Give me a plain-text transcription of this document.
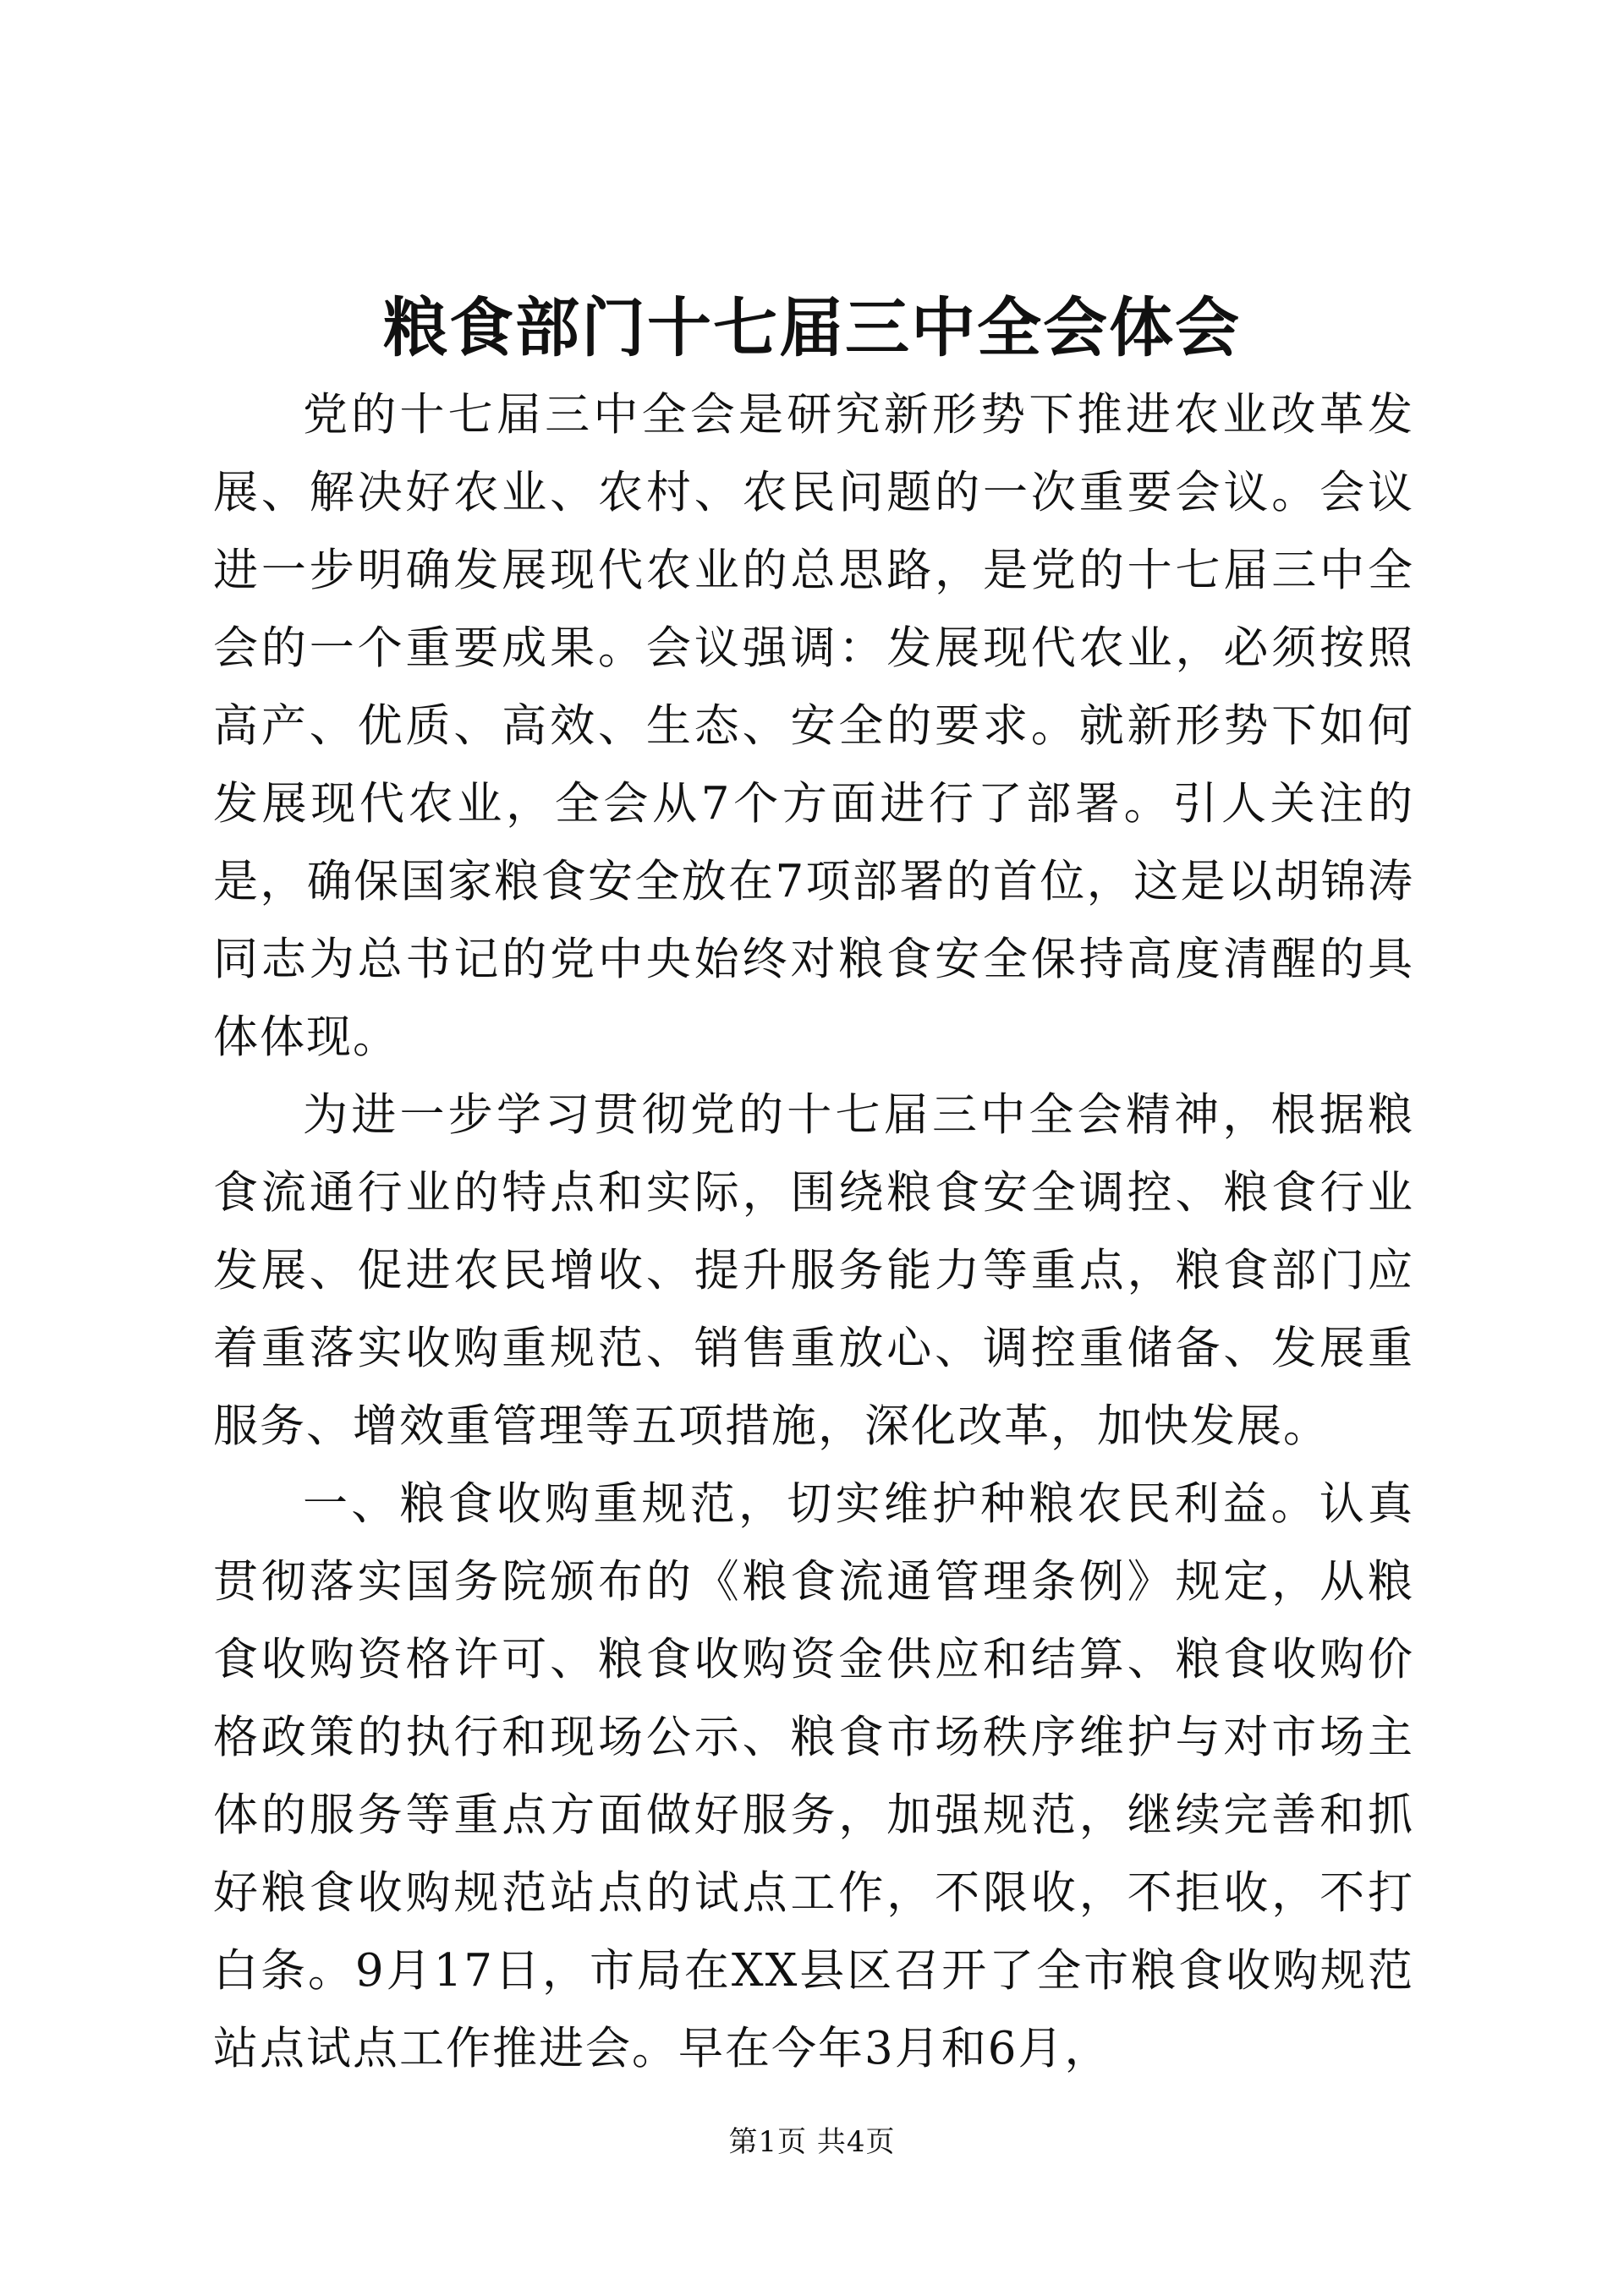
粮食部门十七届三中全会体会

党的十七届三中全会是研究新形势下推进农业改革发展、解决好农业、农村、农民问题的一次重要会议。会议进一步明确发展现代农业的总思路，是党的十七届三中全会的一个重要成果。会议强调：发展现代农业，必须按照高产、优质、高效、生态、安全的要求。就新形势下如何发展现代农业，全会从7个方面进行了部署。引人关注的是，确保国家粮食安全放在7项部署的首位，这是以胡锦涛同志为总书记的党中央始终对粮食安全保持高度清醒的具体体现。

为进一步学习贯彻党的十七届三中全会精神，根据粮食流通行业的特点和实际，围绕粮食安全调控、粮食行业发展、促进农民增收、提升服务能力等重点，粮食部门应着重落实收购重规范、销售重放心、调控重储备、发展重服务、增效重管理等五项措施，深化改革，加快发展。

一、粮食收购重规范，切实维护种粮农民利益。认真贯彻落实国务院颁布的《粮食流通管理条例》规定，从粮食收购资格许可、粮食收购资金供应和结算、粮食收购价格政策的执行和现场公示、粮食市场秩序维护与对市场主体的服务等重点方面做好服务，加强规范，继续完善和抓好粮食收购规范站点的试点工作，不限收，不拒收，不打白条。9月17日，市局在XX县区召开了全市粮食收购规范站点试点工作推进会。早在今年3月和6月，

第1页 共4页
